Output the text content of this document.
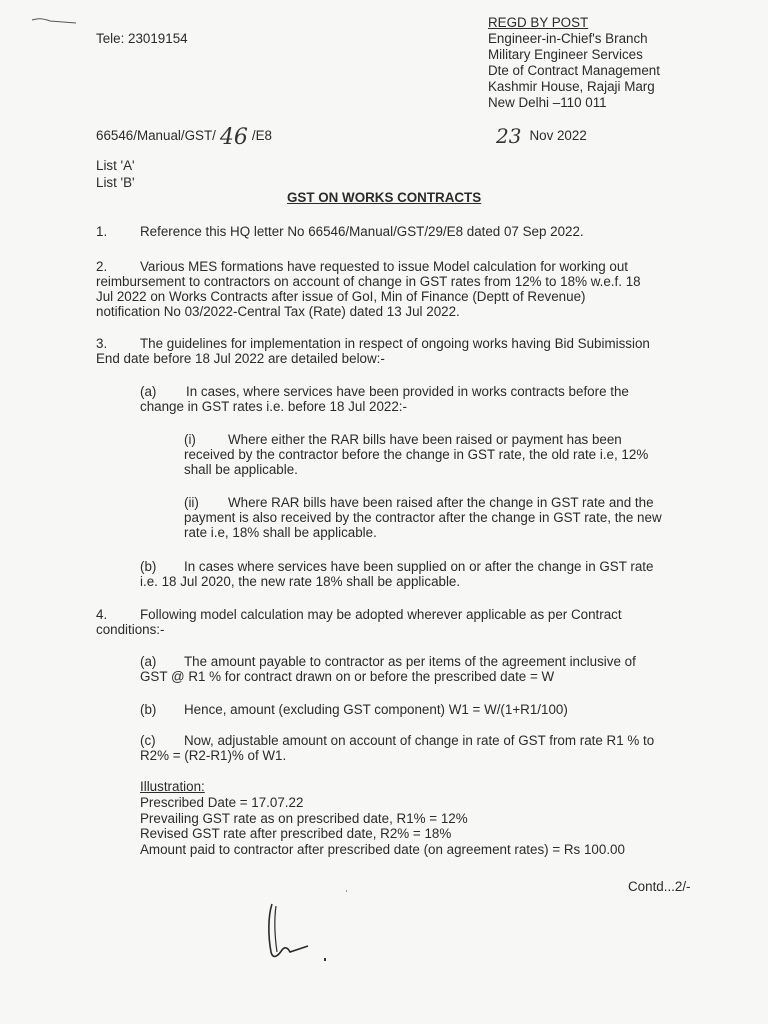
Tele: 23019154
REGD BY POST
Engineer-in-Chief's Branch
Military Engineer Services
Dte of Contract Management
Kashmir House, Rajaji Marg
New Delhi –110 011
66546/Manual/GST/ 46 /E8	23 Nov 2022
List 'A'
List 'B'
GST ON WORKS CONTRACTS
1. Reference this HQ letter No 66546/Manual/GST/29/E8 dated 07 Sep 2022.
2.	Various MES formations have requested to issue Model calculation for working out
reimbursement to contractors on account of change in GST rates from 12% to 18% w.e.f. 18
Jul 2022 on Works Contracts after issue of GoI, Min of Finance (Deptt of Revenue)
notification No 03/2022-Central Tax (Rate) dated 13 Jul 2022.
3.	The guidelines for implementation in respect of ongoing works having Bid Subimission
End date before 18 Jul 2022 are detailed below:-
(a)	In cases, where services have been provided in works contracts before the
change in GST rates i.e. before 18 Jul 2022:-
(i)	Where either the RAR bills have been raised or payment has been
received by the contractor before the change in GST rate, the old rate i.e, 12%
shall be applicable.
(ii)	Where RAR bills have been raised after the change in GST rate and the
payment is also received by the contractor after the change in GST rate, the new
rate i.e, 18% shall be applicable.
(b)	In cases where services have been supplied on or after the change in GST rate
i.e. 18 Jul 2020, the new rate 18% shall be applicable.
4.	Following model calculation may be adopted wherever applicable as per Contract
conditions:-
(a)	The amount payable to contractor as per items of the agreement inclusive of
GST @ R1 % for contract drawn on or before the prescribed date = W
(b) Hence, amount (excluding GST component) W1 = W/(1+R1/100)
(c)	Now, adjustable amount on account of change in rate of GST from rate R1 % to
R2% = (R2-R1)% of W1.
Illustration:
Prescribed Date = 17.07.22
Prevailing GST rate as on prescribed date, R1% = 12%
Revised GST rate after prescribed date, R2% = 18%
Amount paid to contractor after prescribed date (on agreement rates) = Rs 100.00
Contd...2/-
